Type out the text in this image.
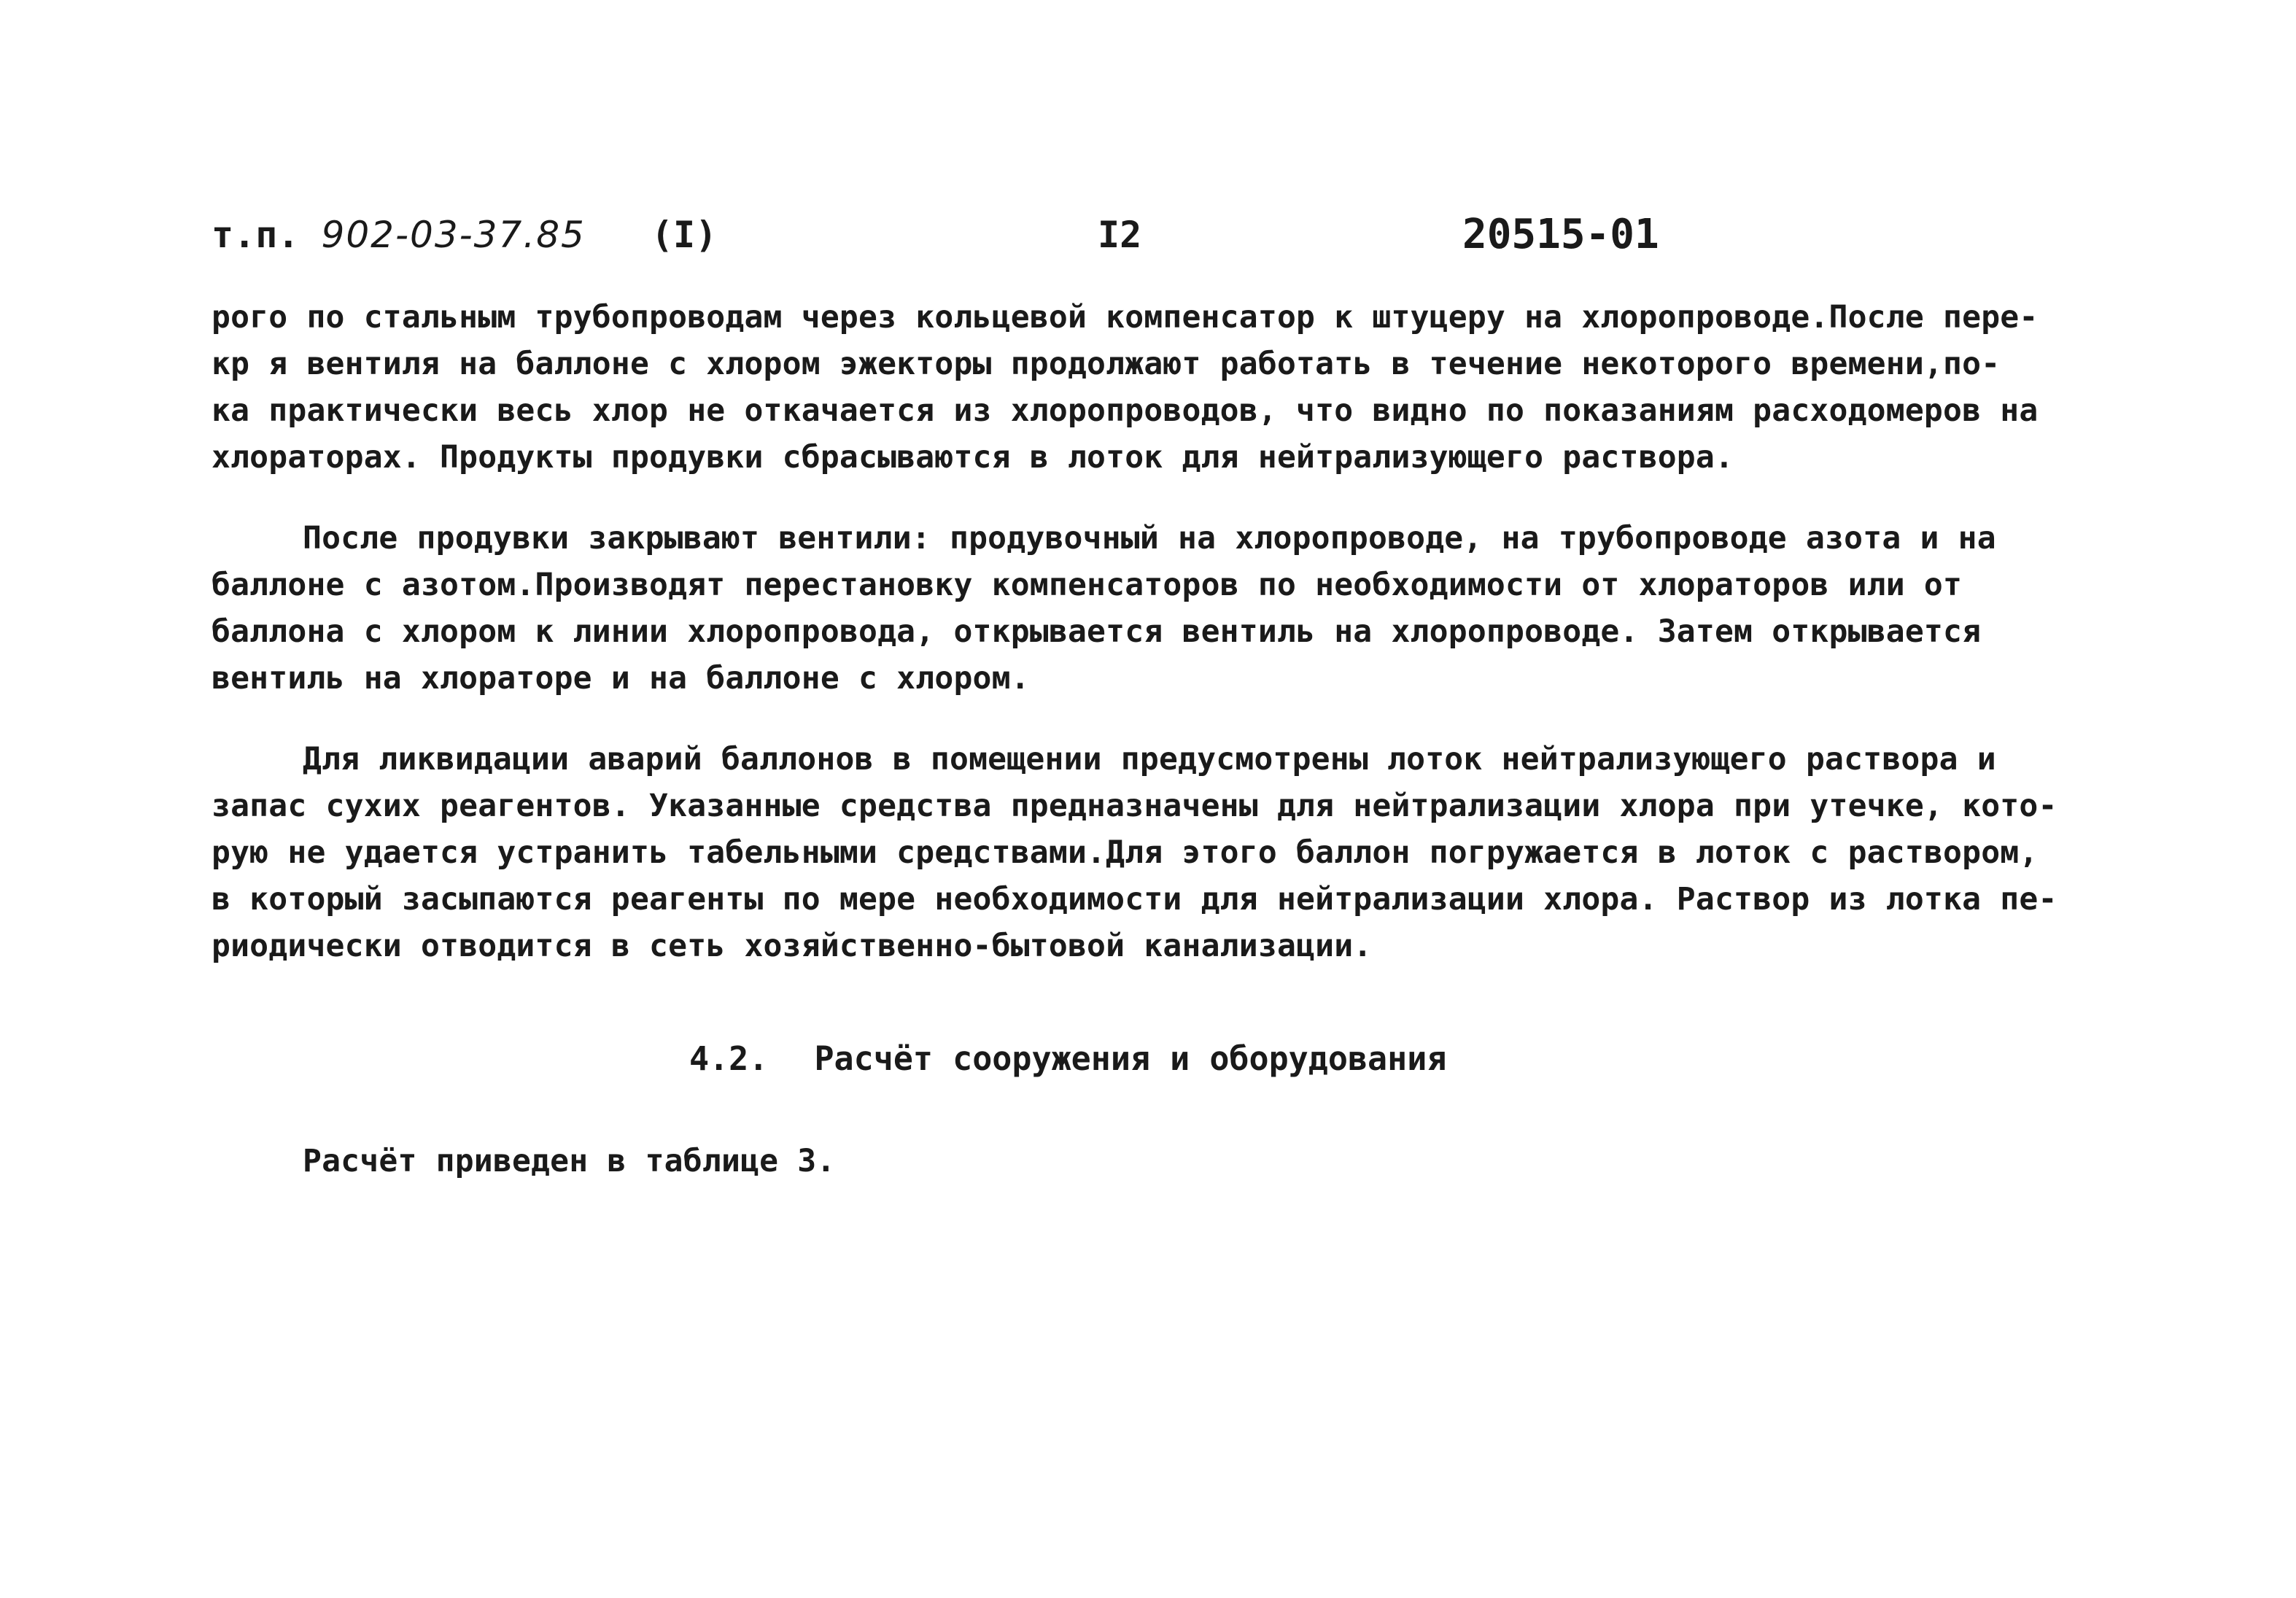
т.п. 902-03-37.85 (I)	I2	20515-01
рого по стальным трубопроводам через кольцевой компенсатор к штуцеру на хлоропроводе.После пере-
кр я вентиля на баллоне с хлором эжекторы продолжают работать в течение некоторого времени,по-
ка практически весь хлор не откачается из хлоропроводов, что видно по показаниям расходомеров на
хлораторах. Продукты продувки сбрасываются в лоток для нейтрализующего раствора.
После продувки закрывают вентили: продувочный на хлоропроводе, на трубопроводе азота и на
баллоне с азотом.Производят перестановку компенсаторов по необходимости от хлораторов или от
баллона с хлором к линии хлоропровода, открывается вентиль на хлоропроводе. Затем открывается
вентиль на хлораторе и на баллоне с хлором.
Для ликвидации аварий баллонов в помещении предусмотрены лоток нейтрализующего раствора и
запас сухих реагентов. Указанные средства предназначены для нейтрализации хлора при утечке, кото-
рую не удается устранить табельными средствами.Для этого баллон погружается в лоток с раствором,
в который засыпаются реагенты по мере необходимости для нейтрализации хлора. Раствор из лотка пе-
риодически отводится в сеть хозяйственно-бытовой канализации.
4.2. Расчёт сооружения и оборудования
Расчёт приведен в таблице 3.
